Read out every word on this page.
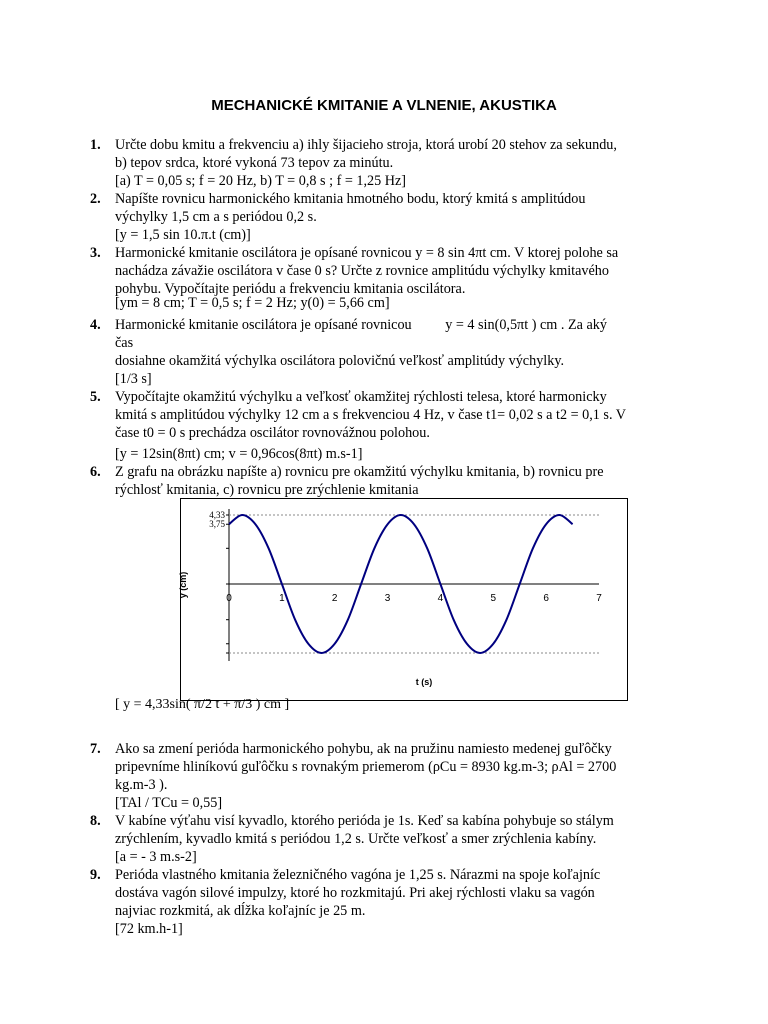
MECHANICKÉ KMITANIE A VLNENIE, AKUSTIKA
1. Určte dobu kmitu a frekvenciu a) ihly šijacieho stroja, ktorá urobí 20 stehov za sekundu,
b) tepov srdca, ktoré vykoná 73 tepov za minútu.
[a) T = 0,05 s; f = 20 Hz, b) T = 0,8 s ; f = 1,25 Hz]
2. Napíšte rovnicu harmonického kmitania hmotného bodu, ktorý kmitá s amplitúdou
výchylky 1,5 cm a s periódou 0,2 s.
[y = 1,5 sin 10.π.t (cm)]
3. Harmonické kmitanie oscilátora je opísané rovnicou y = 8 sin 4πt cm. V ktorej polohe sa
nachádza závažie oscilátora v čase 0 s? Určte z rovnice amplitúdu výchylky kmitavého
pohybu. Vypočítajte periódu a frekvenciu kmitania oscilátora.
[ym = 8 cm; T = 0,5 s; f = 2 Hz; y(0) = 5,66 cm]
4. Harmonické kmitanie oscilátora je opísané rovnicou y = 4 sin(0,5πt ) cm . Za aký
čas
dosiahne okamžitá výchylka oscilátora polovičnú veľkosť amplitúdy výchylky.
[1/3 s]
5. Vypočítajte okamžitú výchylku a veľkosť okamžitej rýchlosti telesa, ktoré harmonicky
kmitá s amplitúdou výchylky 12 cm a s frekvenciou 4 Hz, v čase t1= 0,02 s a t2 = 0,1 s. V
čase t0 = 0 s prechádza oscilátor rovnovážnou polohou.
[y = 12sin(8πt) cm; v = 0,96cos(8πt) m.s-1]
6. Z grafu na obrázku napíšte a) rovnicu pre okamžitú výchylku kmitania, b) rovnicu pre
rýchlosť kmitania, c) rovnicu pre zrýchlenie kmitania
4,33
3,75
0	1	2	3	4	5	6	7
t (s)
y (cm)
[ y = 4,33sin( π/2 t + π/3 ) cm ]
7. Ako sa zmení perióda harmonického pohybu, ak na pružinu namiesto medenej guľôčky
pripevníme hliníkovú guľôčku s rovnakým priemerom (ρCu = 8930 kg.m-3; ρAl = 2700
kg.m-3 ).
[TAl / TCu = 0,55]
8. V kabíne výťahu visí kyvadlo, ktorého perióda je 1s. Keď sa kabína pohybuje so stálym
zrýchlením, kyvadlo kmitá s periódou 1,2 s. Určte veľkosť a smer zrýchlenia kabíny.
[a = - 3 m.s-2]
9. Perióda vlastného kmitania železničného vagóna je 1,25 s. Nárazmi na spoje koľajníc
dostáva vagón silové impulzy, ktoré ho rozkmitajú. Pri akej rýchlosti vlaku sa vagón
najviac rozkmitá, ak dĺžka koľajníc je 25 m.
[72 km.h-1]
